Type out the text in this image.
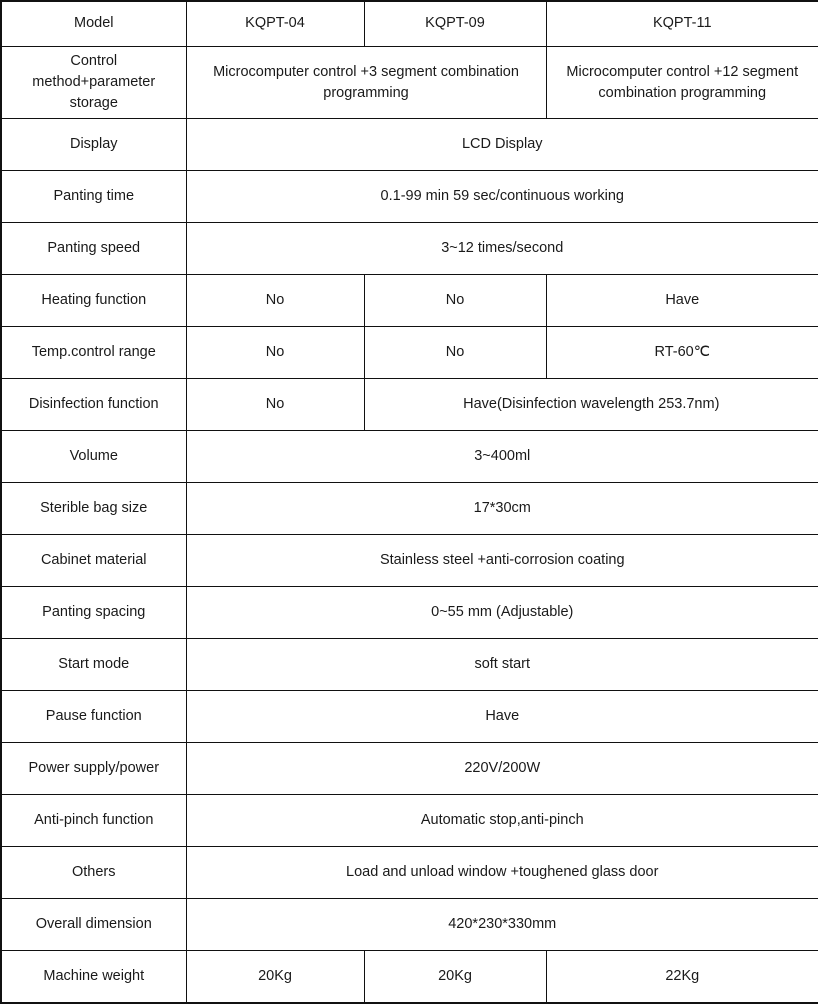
Model	KQPT-04	KQPT-09	KQPT-11
Control method+parameter storage	Microcomputer control +3 segment combination programming		Microcomputer control +12 segment combination programming
Display	LCD Display		
Panting time	0.1-99 min 59 sec/continuous working		
Panting speed	3~12 times/second		
Heating function	No	No	Have
Temp.control range	No	No	RT-60℃
Disinfection function	No	Have(Disinfection wavelength 253.7nm)	
Volume	3~400ml		
Sterible bag size	17*30cm		
Cabinet material	Stainless steel +anti-corrosion coating		
Panting spacing	0~55 mm (Adjustable)		
Start mode	soft start		
Pause function	Have		
Power supply/power	220V/200W		
Anti-pinch function	Automatic stop,anti-pinch		
Others	Load and unload window +toughened glass door		
Overall dimension	420*230*330mm		
Machine weight	20Kg	20Kg	22Kg
